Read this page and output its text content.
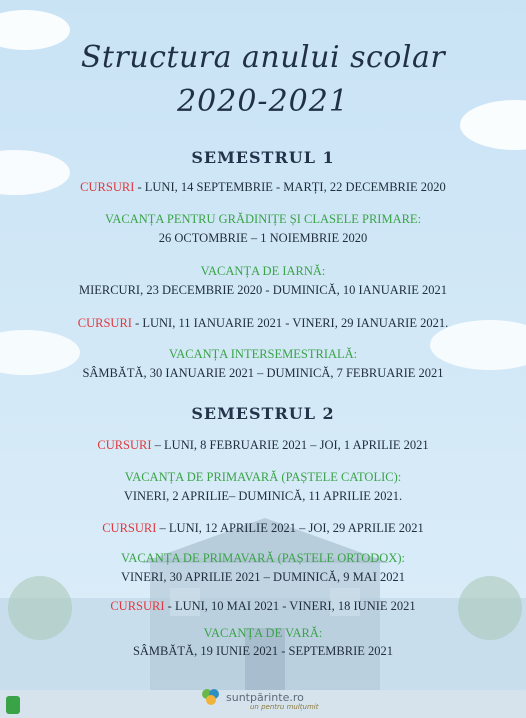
Structura anului scolar
2020-2021
SEMESTRUL 1
CURSURI - LUNI, 14 SEPTEMBRIE - MARȚI, 22 DECEMBRIE 2020
VACANȚA PENTRU GRĂDINIȚE ȘI CLASELE PRIMARE:
26 OCTOMBRIE – 1 NOIEMBRIE 2020
VACANȚA DE IARNĂ:
MIERCURI, 23 DECEMBRIE 2020 - DUMINICĂ, 10 IANUARIE 2021
CURSURI - LUNI, 11 IANUARIE 2021 - VINERI, 29 IANUARIE 2021.
VACANȚA INTERSEMESTRIALĂ:
SÂMBĂTĂ, 30 IANUARIE 2021 – DUMINICĂ, 7 FEBRUARIE 2021
SEMESTRUL 2
CURSURI – LUNI, 8 FEBRUARIE 2021 – JOI, 1 APRILIE 2021
VACANȚA DE PRIMAVARĂ (PAȘTELE CATOLIC):
VINERI, 2 APRILIE– DUMINICĂ, 11 APRILIE 2021.
CURSURI – LUNI, 12 APRILIE 2021 – JOI, 29 APRILIE 2021
VACANȚA DE PRIMAVARĂ (PAȘTELE ORTODOX):
VINERI, 30 APRILIE 2021 – DUMINICĂ, 9 MAI 2021
CURSURI - LUNI, 10 MAI 2021 - VINERI, 18 IUNIE 2021
VACANȚA DE VARĂ:
SÂMBĂTĂ, 19 IUNIE 2021 - SEPTEMBRIE 2021
suntpărinte.ro
un pentru mulțumit
